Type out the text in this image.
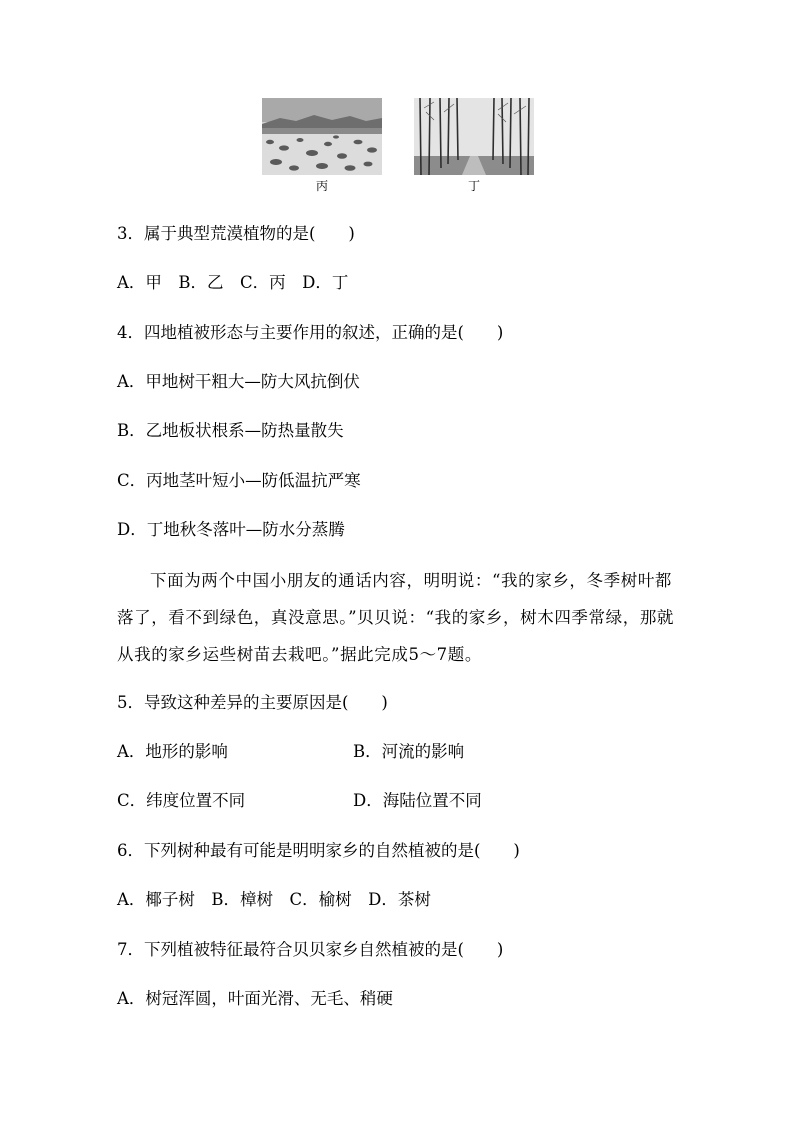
丙	丁
3．属于典型荒漠植物的是(　　)
A．甲　B．乙　C．丙　D．丁
4．四地植被形态与主要作用的叙述，正确的是(　　)
A．甲地树干粗大—防大风抗倒伏
B．乙地板状根系—防热量散失
C．丙地茎叶短小—防低温抗严寒
D．丁地秋冬落叶—防水分蒸腾
下面为两个中国小朋友的通话内容，明明说：“我的家乡，冬季树叶都落了，看不到绿色，真没意思。”贝贝说：“我的家乡，树木四季常绿，那就从我的家乡运些树苗去栽吧。”据此完成5～7题。
5．导致这种差异的主要原因是(　　)
A．地形的影响	B．河流的影响
C．纬度位置不同	D．海陆位置不同
6．下列树种最有可能是明明家乡的自然植被的是(　　)
A．椰子树　B．樟树　C．榆树　D．茶树
7．下列植被特征最符合贝贝家乡自然植被的是(　　)
A．树冠浑圆，叶面光滑、无毛、稍硬
